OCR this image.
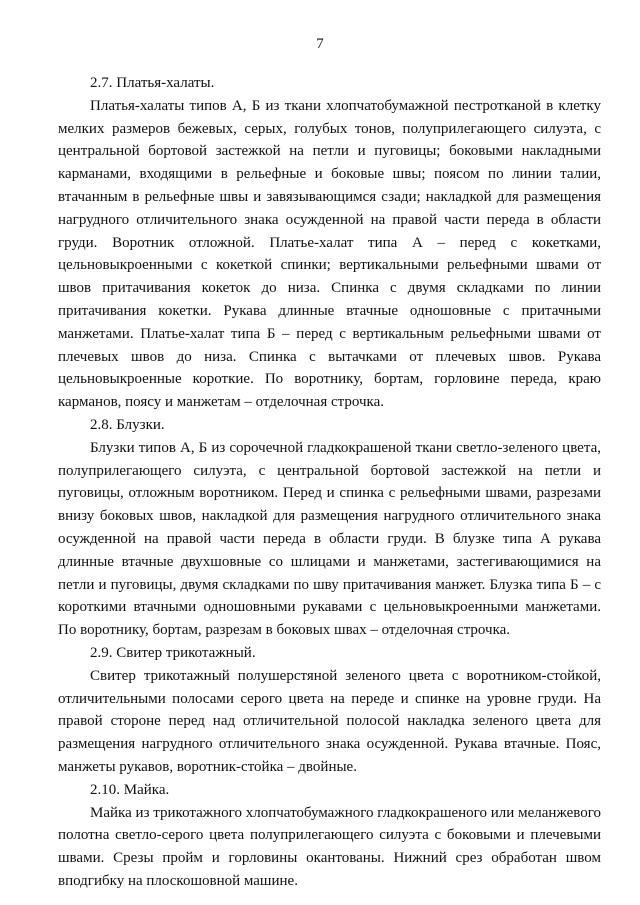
7

2.7. Платья-халаты.

Платья-халаты типов А, Б из ткани хлопчатобумажной пестротканой в клетку мелких размеров бежевых, серых, голубых тонов, полуприлегающего силуэта, с центральной бортовой застежкой на петли и пуговицы; боковыми накладными карманами, входящими в рельефные и боковые швы; поясом по линии талии, втачанным в рельефные швы и завязывающимся сзади; накладкой для размещения нагрудного отличительного знака осужденной на правой части переда в области груди. Воротник отложной. Платье-халат типа А – перед с кокетками, цельновыкроенными с кокеткой спинки; вертикальными рельефными швами от швов притачивания кокеток до низа. Спинка с двумя складками по линии притачивания кокетки. Рукава длинные втачные одношовные с притачными манжетами. Платье-халат типа Б – перед с вертикальным рельефными швами от плечевых швов до низа. Спинка с вытачками от плечевых швов. Рукава цельновыкроенные короткие. По воротнику, бортам, горловине переда, краю карманов, поясу и манжетам – отделочная строчка.

2.8. Блузки.

Блузки типов А, Б из сорочечной гладкокрашеной ткани светло-зеленого цвета, полуприлегающего силуэта, с центральной бортовой застежкой на петли и пуговицы, отложным воротником. Перед и спинка с рельефными швами, разрезами внизу боковых швов, накладкой для размещения нагрудного отличительного знака осужденной на правой части переда в области груди. В блузке типа А рукава длинные втачные двухшовные со шлицами и манжетами, застегивающимися на петли и пуговицы, двумя складками по шву притачивания манжет. Блузка типа Б – с короткими втачными одношовными рукавами с цельновыкроенными манжетами. По воротнику, бортам, разрезам в боковых швах – отделочная строчка.

2.9. Свитер трикотажный.

Свитер трикотажный полушерстяной зеленого цвета с воротником-стойкой, отличительными полосами серого цвета на переде и спинке на уровне груди. На правой стороне перед над отличительной полосой накладка зеленого цвета для размещения нагрудного отличительного знака осужденной. Рукава втачные. Пояс, манжеты рукавов, воротник-стойка – двойные.

2.10. Майка.

Майка из трикотажного хлопчатобумажного гладкокрашеного или меланжевого полотна светло-серого цвета полуприлегающего силуэта с боковыми и плечевыми швами. Срезы пройм и горловины окантованы. Нижний срез обработан швом вподгибку на плоскошовной машине.
